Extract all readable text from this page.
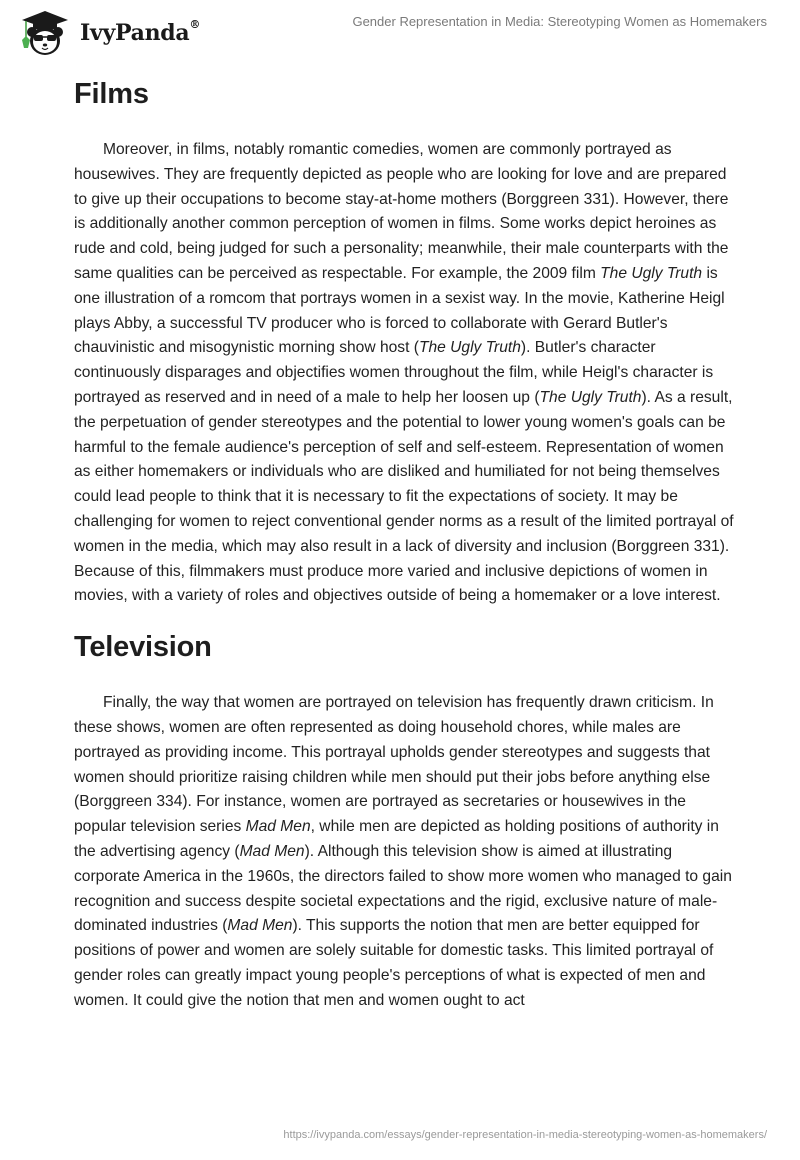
IvyPanda®	Gender Representation in Media: Stereotyping Women as Homemakers
Films

Moreover, in films, notably romantic comedies, women are commonly portrayed as housewives. They are frequently depicted as people who are looking for love and are prepared to give up their occupations to become stay-at-home mothers (Borggreen 331). However, there is additionally another common perception of women in films. Some works depict heroines as rude and cold, being judged for such a personality; meanwhile, their male counterparts with the same qualities can be perceived as respectable. For example, the 2009 film The Ugly Truth is one illustration of a romcom that portrays women in a sexist way. In the movie, Katherine Heigl plays Abby, a successful TV producer who is forced to collaborate with Gerard Butler's chauvinistic and misogynistic morning show host (The Ugly Truth). Butler's character continuously disparages and objectifies women throughout the film, while Heigl's character is portrayed as reserved and in need of a male to help her loosen up (The Ugly Truth). As a result, the perpetuation of gender stereotypes and the potential to lower young women's goals can be harmful to the female audience's perception of self and self-esteem. Representation of women as either homemakers or individuals who are disliked and humiliated for not being themselves could lead people to think that it is necessary to fit the expectations of society. It may be challenging for women to reject conventional gender norms as a result of the limited portrayal of women in the media, which may also result in a lack of diversity and inclusion (Borggreen 331). Because of this, filmmakers must produce more varied and inclusive depictions of women in movies, with a variety of roles and objectives outside of being a homemaker or a love interest.

Television

Finally, the way that women are portrayed on television has frequently drawn criticism. In these shows, women are often represented as doing household chores, while males are portrayed as providing income. This portrayal upholds gender stereotypes and suggests that women should prioritize raising children while men should put their jobs before anything else (Borggreen 334). For instance, women are portrayed as secretaries or housewives in the popular television series Mad Men, while men are depicted as holding positions of authority in the advertising agency (Mad Men). Although this television show is aimed at illustrating corporate America in the 1960s, the directors failed to show more women who managed to gain recognition and success despite societal expectations and the rigid, exclusive nature of male-dominated industries (Mad Men). This supports the notion that men are better equipped for positions of power and women are solely suitable for domestic tasks. This limited portrayal of gender roles can greatly impact young people's perceptions of what is expected of men and women. It could give the notion that men and women ought to act

https://ivypanda.com/essays/gender-representation-in-media-stereotyping-women-as-homemakers/
